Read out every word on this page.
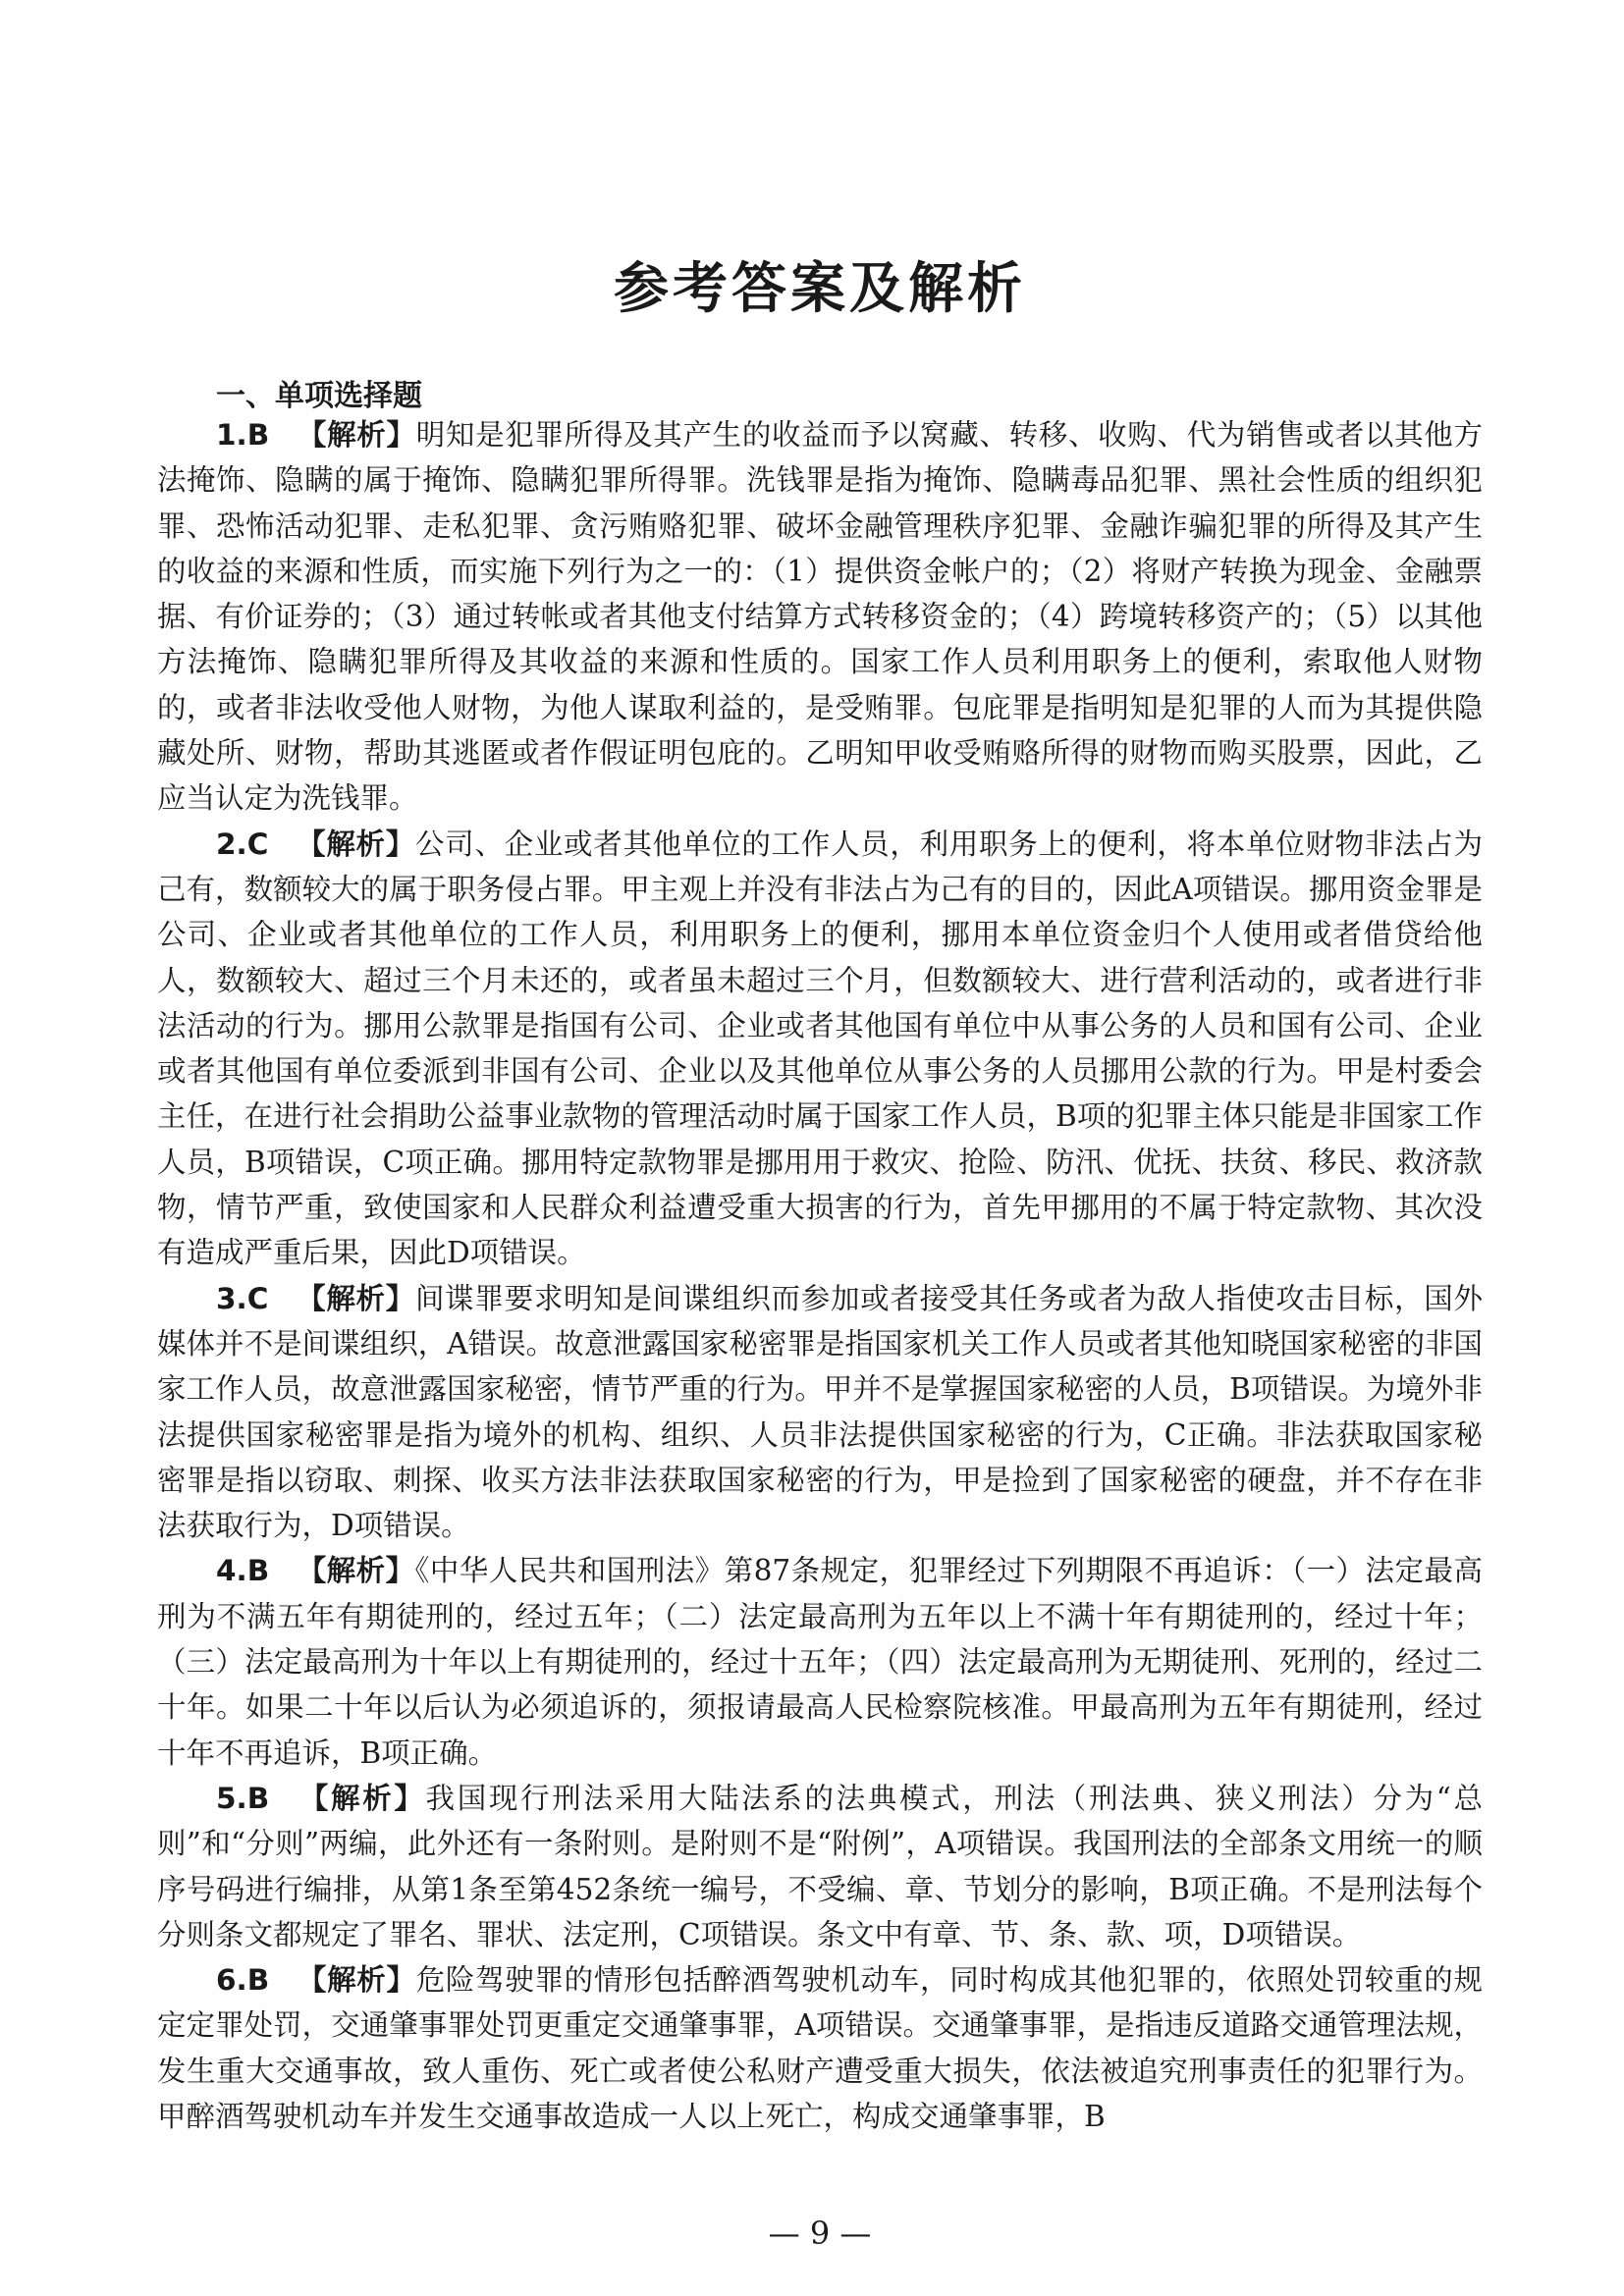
参考答案及解析
一、单项选择题

1.B 【解析】明知是犯罪所得及其产生的收益而予以窝藏、转移、收购、代为销售或者以其他方法掩饰、隐瞒的属于掩饰、隐瞒犯罪所得罪。洗钱罪是指为掩饰、隐瞒毒品犯罪、黑社会性质的组织犯罪、恐怖活动犯罪、走私犯罪、贪污贿赂犯罪、破坏金融管理秩序犯罪、金融诈骗犯罪的所得及其产生的收益的来源和性质，而实施下列行为之一的：（1）提供资金帐户的；（2）将财产转换为现金、金融票据、有价证券的；（3）通过转帐或者其他支付结算方式转移资金的；（4）跨境转移资产的；（5）以其他方法掩饰、隐瞒犯罪所得及其收益的来源和性质的。国家工作人员利用职务上的便利，索取他人财物的，或者非法收受他人财物，为他人谋取利益的，是受贿罪。包庇罪是指明知是犯罪的人而为其提供隐藏处所、财物，帮助其逃匿或者作假证明包庇的。乙明知甲收受贿赂所得的财物而购买股票，因此，乙应当认定为洗钱罪。

2.C 【解析】公司、企业或者其他单位的工作人员，利用职务上的便利，将本单位财物非法占为己有，数额较大的属于职务侵占罪。甲主观上并没有非法占为己有的目的，因此A项错误。挪用资金罪是公司、企业或者其他单位的工作人员，利用职务上的便利，挪用本单位资金归个人使用或者借贷给他人，数额较大、超过三个月未还的，或者虽未超过三个月，但数额较大、进行营利活动的，或者进行非法活动的行为。挪用公款罪是指国有公司、企业或者其他国有单位中从事公务的人员和国有公司、企业或者其他国有单位委派到非国有公司、企业以及其他单位从事公务的人员挪用公款的行为。甲是村委会主任，在进行社会捐助公益事业款物的管理活动时属于国家工作人员，B项的犯罪主体只能是非国家工作人员，B项错误，C项正确。挪用特定款物罪是挪用用于救灾、抢险、防汛、优抚、扶贫、移民、救济款物，情节严重，致使国家和人民群众利益遭受重大损害的行为，首先甲挪用的不属于特定款物、其次没有造成严重后果，因此D项错误。

3.C 【解析】间谍罪要求明知是间谍组织而参加或者接受其任务或者为敌人指使攻击目标，国外媒体并不是间谍组织，A错误。故意泄露国家秘密罪是指国家机关工作人员或者其他知晓国家秘密的非国家工作人员，故意泄露国家秘密，情节严重的行为。甲并不是掌握国家秘密的人员，B项错误。为境外非法提供国家秘密罪是指为境外的机构、组织、人员非法提供国家秘密的行为，C正确。非法获取国家秘密罪是指以窃取、刺探、收买方法非法获取国家秘密的行为，甲是捡到了国家秘密的硬盘，并不存在非法获取行为，D项错误。

4.B 【解析】《中华人民共和国刑法》第87条规定，犯罪经过下列期限不再追诉：（一）法定最高刑为不满五年有期徒刑的，经过五年；（二）法定最高刑为五年以上不满十年有期徒刑的，经过十年；（三）法定最高刑为十年以上有期徒刑的，经过十五年；（四）法定最高刑为无期徒刑、死刑的，经过二十年。如果二十年以后认为必须追诉的，须报请最高人民检察院核准。甲最高刑为五年有期徒刑，经过十年不再追诉，B项正确。

5.B 【解析】我国现行刑法采用大陆法系的法典模式，刑法（刑法典、狭义刑法）分为“总则”和“分则”两编，此外还有一条附则。是附则不是“附例”，A项错误。我国刑法的全部条文用统一的顺序号码进行编排，从第1条至第452条统一编号，不受编、章、节划分的影响，B项正确。不是刑法每个分则条文都规定了罪名、罪状、法定刑，C项错误。条文中有章、节、条、款、项，D项错误。

6.B 【解析】危险驾驶罪的情形包括醉酒驾驶机动车，同时构成其他犯罪的，依照处罚较重的规定定罪处罚，交通肇事罪处罚更重定交通肇事罪，A项错误。交通肇事罪，是指违反道路交通管理法规，发生重大交通事故，致人重伤、死亡或者使公私财产遭受重大损失，依法被追究刑事责任的犯罪行为。甲醉酒驾驶机动车并发生交通事故造成一人以上死亡，构成交通肇事罪，B

— 9 —
